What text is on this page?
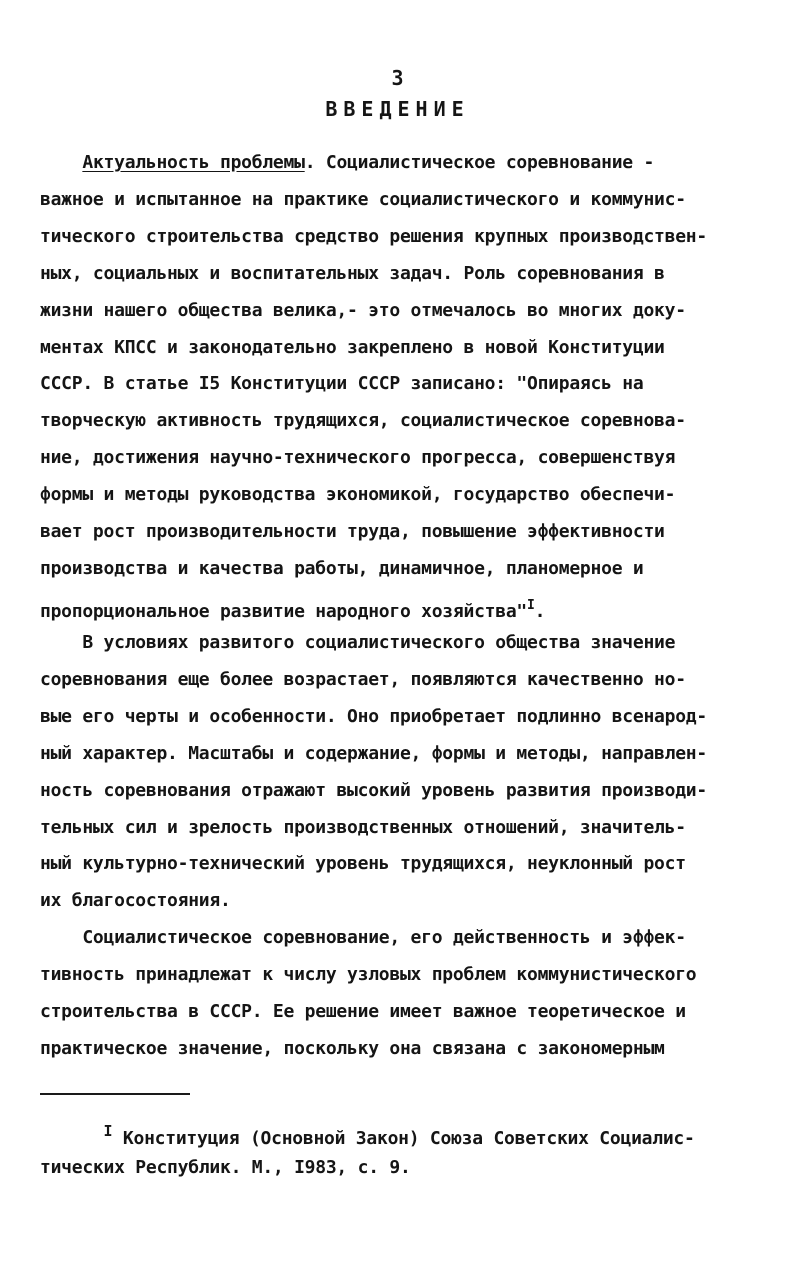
3
ВВЕДЕНИЕ
Актуальность проблемы. Социалистическое соревнование -
важное и испытанное на практике социалистического и коммунис-
тического строительства средство решения крупных производствен-
ных, социальных и воспитательных задач. Роль соревнования в
жизни нашего общества велика,- это отмечалось во многих доку-
ментах КПСС и законодательно закреплено в новой Конституции
СССР. В статье I5 Конституции СССР записано: "Опираясь на
творческую активность трудящихся, социалистическое соревнова-
ние, достижения научно-технического прогресса, совершенствуя
формы и методы руководства экономикой, государство обеспечи-
вает рост производительности труда, повышение эффективности
производства и качества работы, динамичное, планомерное и
пропорциональное развитие народного хозяйства"$^I$.
В условиях развитого социалистического общества значение
соревнования еще более возрастает, появляются качественно но-
вые его черты и особенности. Оно приобретает подлинно всенарод-
ный характер. Масштабы и содержание, формы и методы, направлен-
ность соревнования отражают высокий уровень развития производи-
тельных сил и зрелость производственных отношений, значитель-
ный культурно-технический уровень трудящихся, неуклонный рост
их благосостояния.
Социалистическое соревнование, его действенность и эффек-
тивность принадлежат к числу узловых проблем коммунистического
строительства в СССР. Ее решение имеет важное теоретическое и
практическое значение, поскольку она связана с закономерным
$^I$ Конституция (Основной Закон) Союза Советских Социалис-
тических Республик. М., I983, с. 9.
